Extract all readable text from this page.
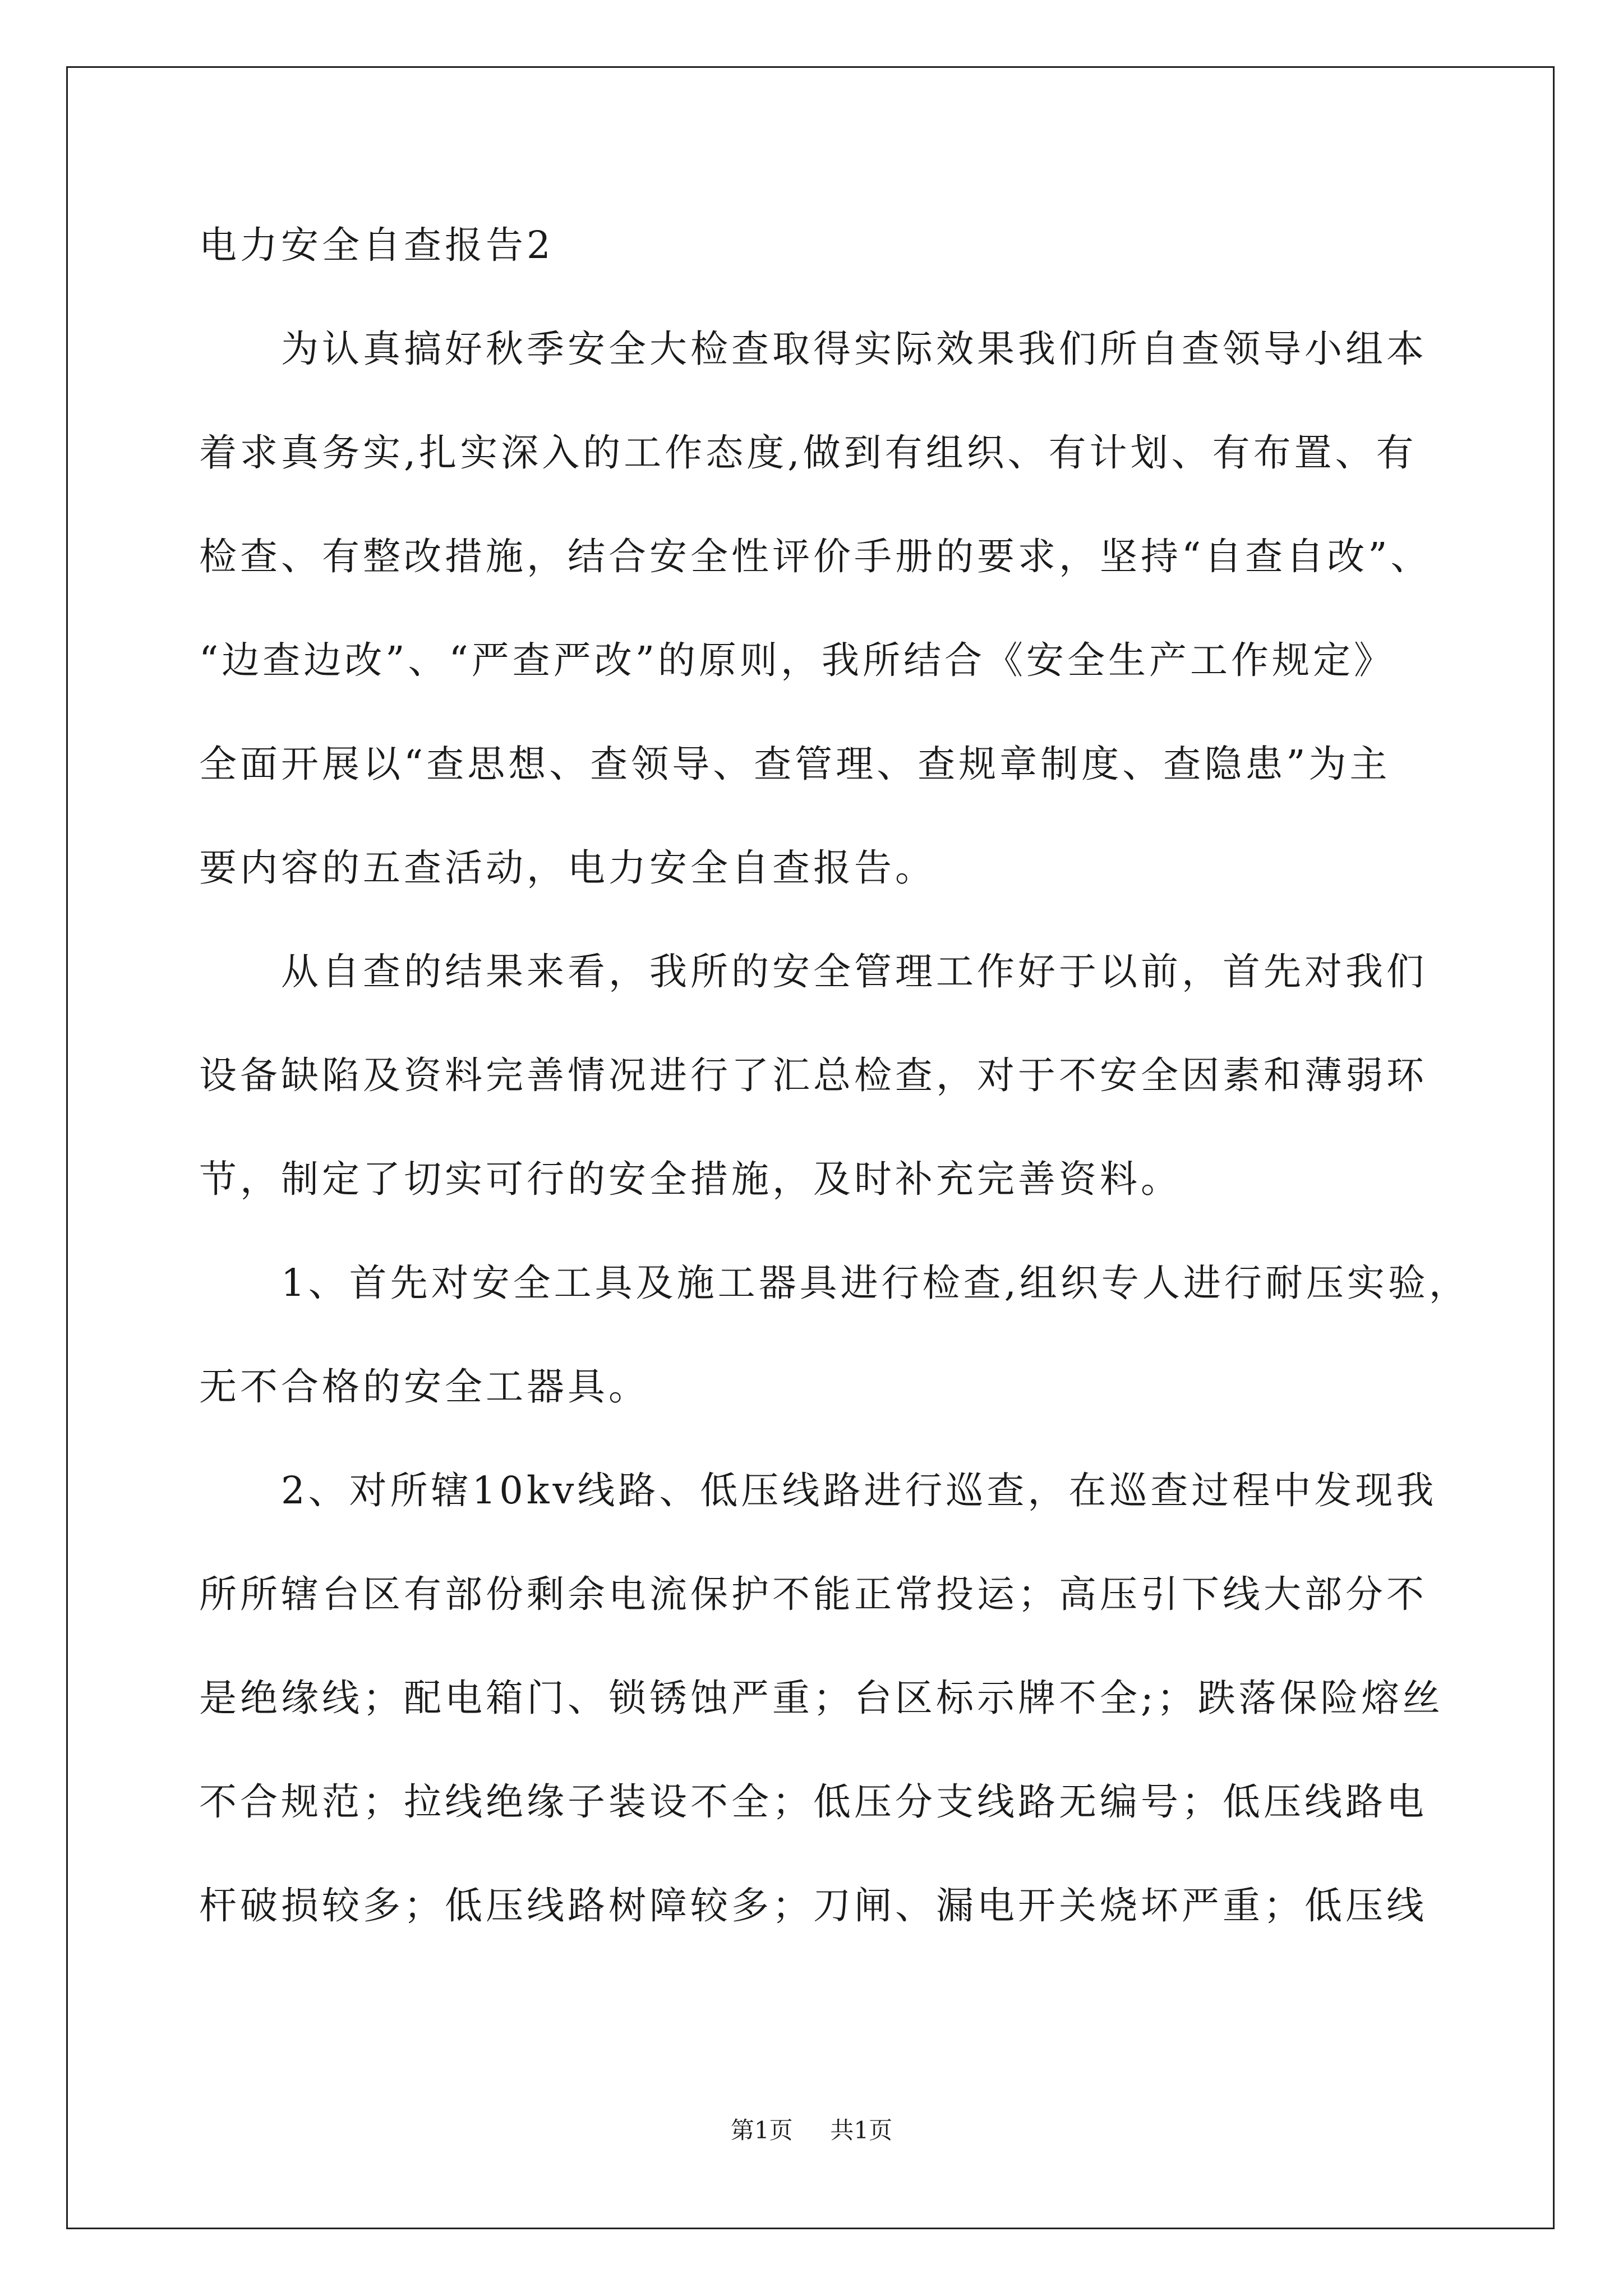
电力安全自查报告2
为认真搞好秋季安全大检查取得实际效果我们所自查领导小组本
着求真务实,扎实深入的工作态度,做到有组织、有计划、有布置、有
检查、有整改措施，结合安全性评价手册的要求，坚持“自查自改”、
“边查边改”、“严查严改”的原则，我所结合《安全生产工作规定》
全面开展以“查思想、查领导、查管理、查规章制度、查隐患”为主
要内容的五查活动，电力安全自查报告。
从自查的结果来看，我所的安全管理工作好于以前，首先对我们
设备缺陷及资料完善情况进行了汇总检查，对于不安全因素和薄弱环
节，制定了切实可行的安全措施，及时补充完善资料。
1、首先对安全工具及施工器具进行检查,组织专人进行耐压实验，
无不合格的安全工器具。
2、对所辖10kv线路、低压线路进行巡查，在巡查过程中发现我
所所辖台区有部份剩余电流保护不能正常投运；高压引下线大部分不
是绝缘线；配电箱门、锁锈蚀严重；台区标示牌不全;；跌落保险熔丝
不合规范；拉线绝缘子装设不全；低压分支线路无编号；低压线路电
杆破损较多；低压线路树障较多；刀闸、漏电开关烧坏严重；低压线
第1页 共1页
